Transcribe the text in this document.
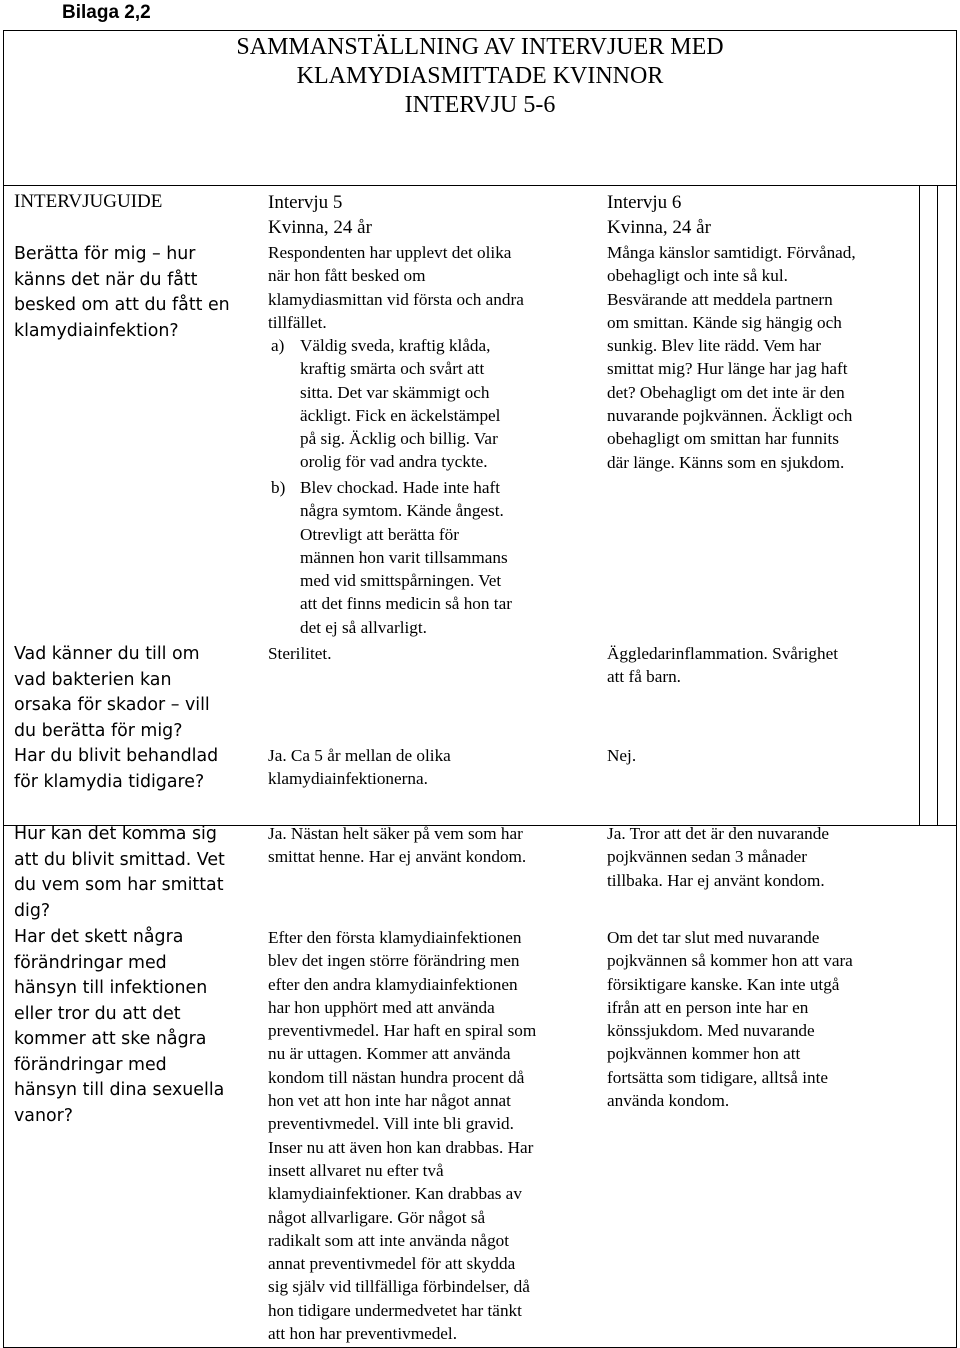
Bilaga 2,2
SAMMANSTÄLLNING AV INTERVJUER MED
KLAMYDIASMITTADE KVINNOR
INTERVJU 5-6
INTERVJUGUIDE	Intervju 5
Kvinna, 24 år
Intervju 6
Kvinna, 24 år
Berätta för mig – hur
känns det när du fått
besked om att du fått en
klamydiainfektion?
Vad känner du till om
vad bakterien kan
orsaka för skador – vill
du berätta för mig?
Har du blivit behandlad
för klamydia tidigare?
Hur kan det komma sig
att du blivit smittad. Vet
du vem som har smittat
dig?
Har det skett några
förändringar med
hänsyn till infektionen
eller tror du att det
kommer att ske några
förändringar med
hänsyn till dina sexuella
vanor?
Respondenten har upplevt det olika
när hon fått besked om
klamydiasmittan vid första och andra
tillfället.
a) Väldig sveda, kraftig klåda,
kraftig smärta och svårt att
sitta. Det var skämmigt och
äckligt. Fick en äckelstämpel
på sig. Äcklig och billig. Var
orolig för vad andra tyckte.
b) Blev chockad. Hade inte haft
några symtom. Kände ångest.
Otrevligt att berätta för
männen hon varit tillsammans
med vid smittspårningen. Vet
att det finns medicin så hon tar
det ej så allvarligt.
Sterilitet.
Ja. Ca 5 år mellan de olika
klamydiainfektionerna.
Ja. Nästan helt säker på vem som har
smittat henne. Har ej använt kondom.
Efter den första klamydiainfektionen
blev det ingen större förändring men
efter den andra klamydiainfektionen
har hon upphört med att använda
preventivmedel. Har haft en spiral som
nu är uttagen. Kommer att använda
kondom till nästan hundra procent då
hon vet att hon inte har något annat
preventivmedel. Vill inte bli gravid.
Inser nu att även hon kan drabbas. Har
insett allvaret nu efter två
klamydiainfektioner. Kan drabbas av
något allvarligare. Gör något så
radikalt som att inte använda något
annat preventivmedel för att skydda
sig själv vid tillfälliga förbindelser, då
hon tidigare undermedvetet har tänkt
att hon har preventivmedel.
Många känslor samtidigt. Förvånad,
obehagligt och inte så kul.
Besvärande att meddela partnern
om smittan. Kände sig hängig och
sunkig. Blev lite rädd. Vem har
smittat mig? Hur länge har jag haft
det? Obehagligt om det inte är den
nuvarande pojkvännen. Äckligt och
obehagligt om smittan har funnits
där länge. Känns som en sjukdom.
Äggledarinflammation. Svårighet
att få barn.
Nej.
Ja. Tror att det är den nuvarande
pojkvännen sedan 3 månader
tillbaka. Har ej använt kondom.
Om det tar slut med nuvarande
pojkvännen så kommer hon att vara
försiktigare kanske. Kan inte utgå
ifrån att en person inte har en
könssjukdom. Med nuvarande
pojkvännen kommer hon att
fortsätta som tidigare, alltså inte
använda kondom.
